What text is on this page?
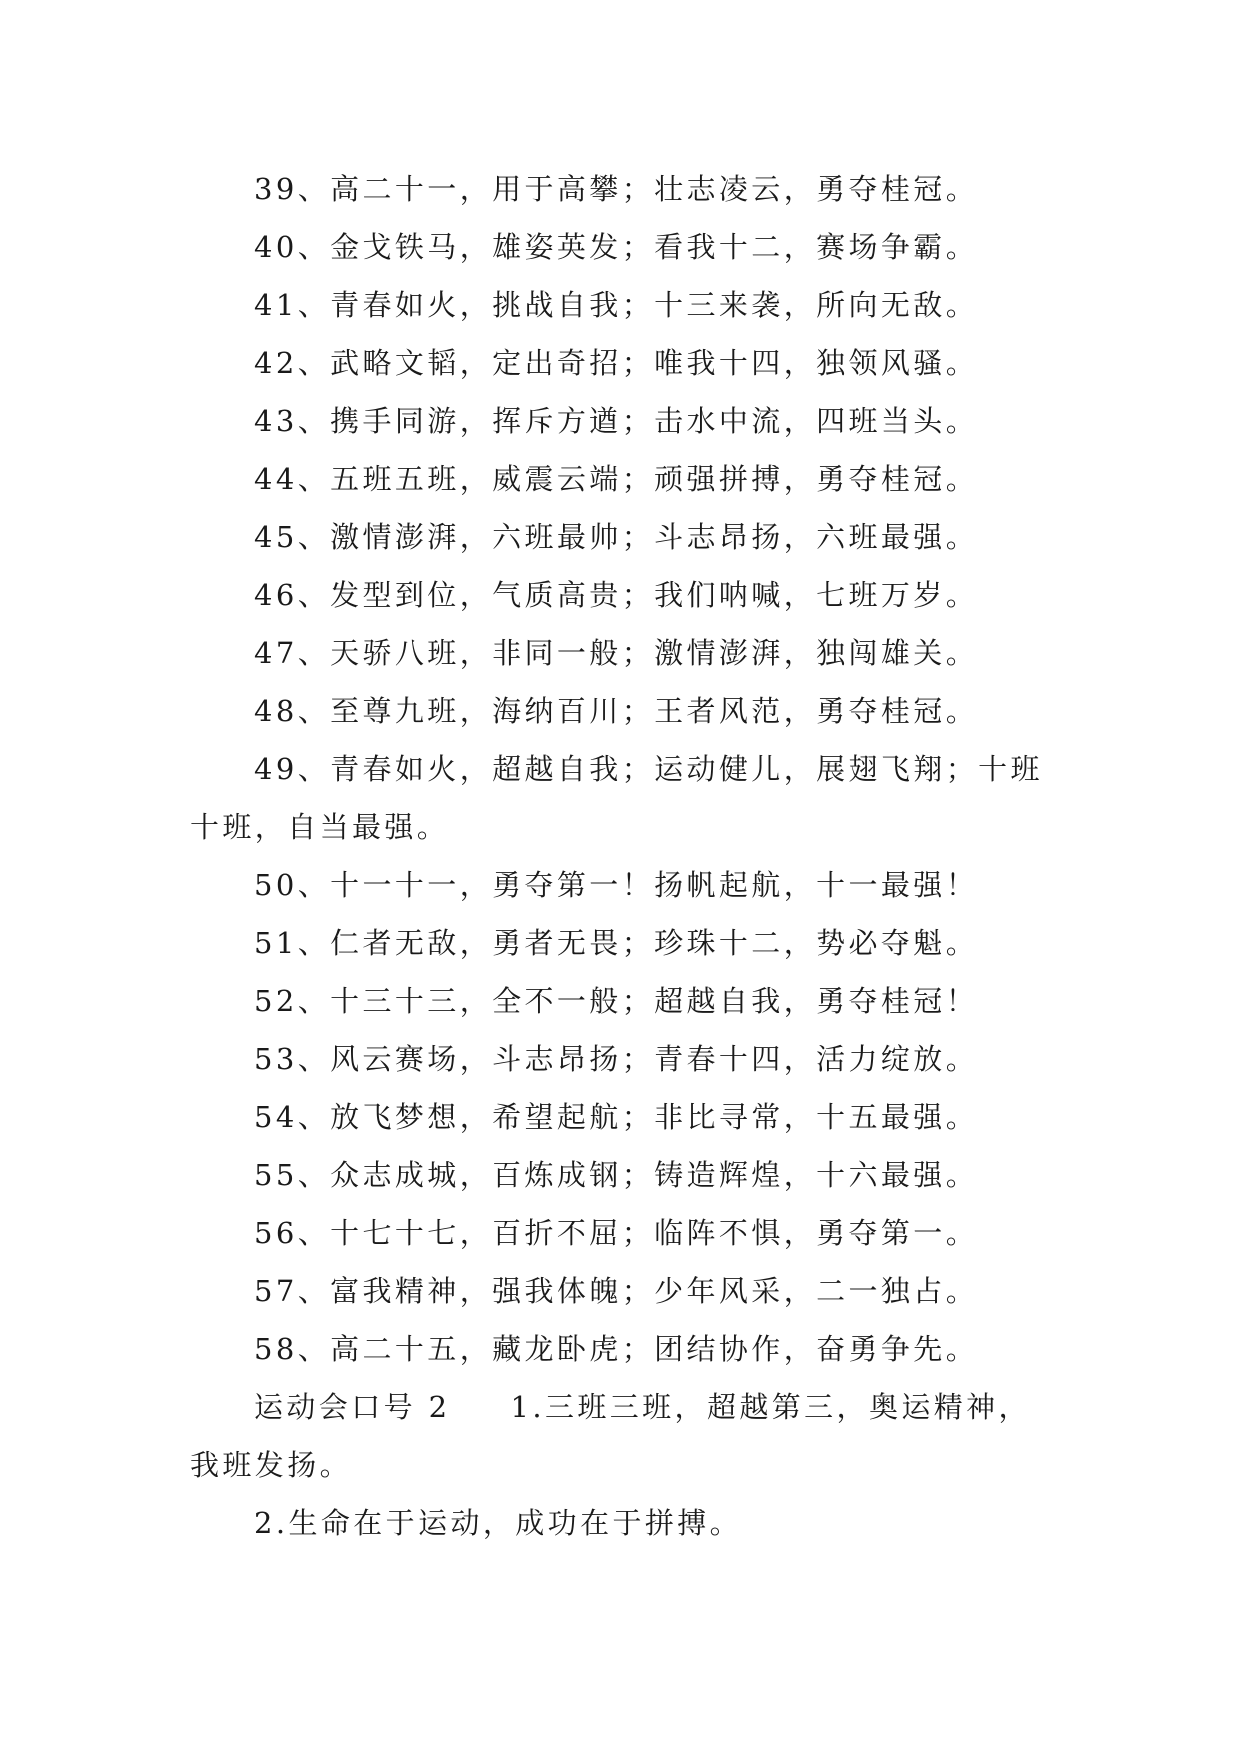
39、高二十一，用于高攀；壮志凌云，勇夺桂冠。

40、金戈铁马，雄姿英发；看我十二，赛场争霸。

41、青春如火，挑战自我；十三来袭，所向无敌。

42、武略文韬，定出奇招；唯我十四，独领风骚。

43、携手同游，挥斥方遒；击水中流，四班当头。

44、五班五班，威震云端；顽强拼搏，勇夺桂冠。

45、激情澎湃，六班最帅；斗志昂扬，六班最强。

46、发型到位，气质高贵；我们呐喊，七班万岁。

47、天骄八班，非同一般；激情澎湃，独闯雄关。

48、至尊九班，海纳百川；王者风范，勇夺桂冠。

49、青春如火，超越自我；运动健儿，展翅飞翔；十班十班，自当最强。

50、十一十一，勇夺第一！扬帆起航，十一最强！

51、仁者无敌，勇者无畏；珍珠十二，势必夺魁。

52、十三十三，全不一般；超越自我，勇夺桂冠！

53、风云赛场，斗志昂扬；青春十四，活力绽放。

54、放飞梦想，希望起航；非比寻常，十五最强。

55、众志成城，百炼成钢；铸造辉煌，十六最强。

56、十七十七，百折不屈；临阵不惧，勇夺第一。

57、富我精神，强我体魄；少年风采，二一独占。

58、高二十五，藏龙卧虎；团结协作，奋勇争先。

运动会口号 2 1.三班三班，超越第三，奥运精神，我班发扬。

2.生命在于运动，成功在于拼搏。
